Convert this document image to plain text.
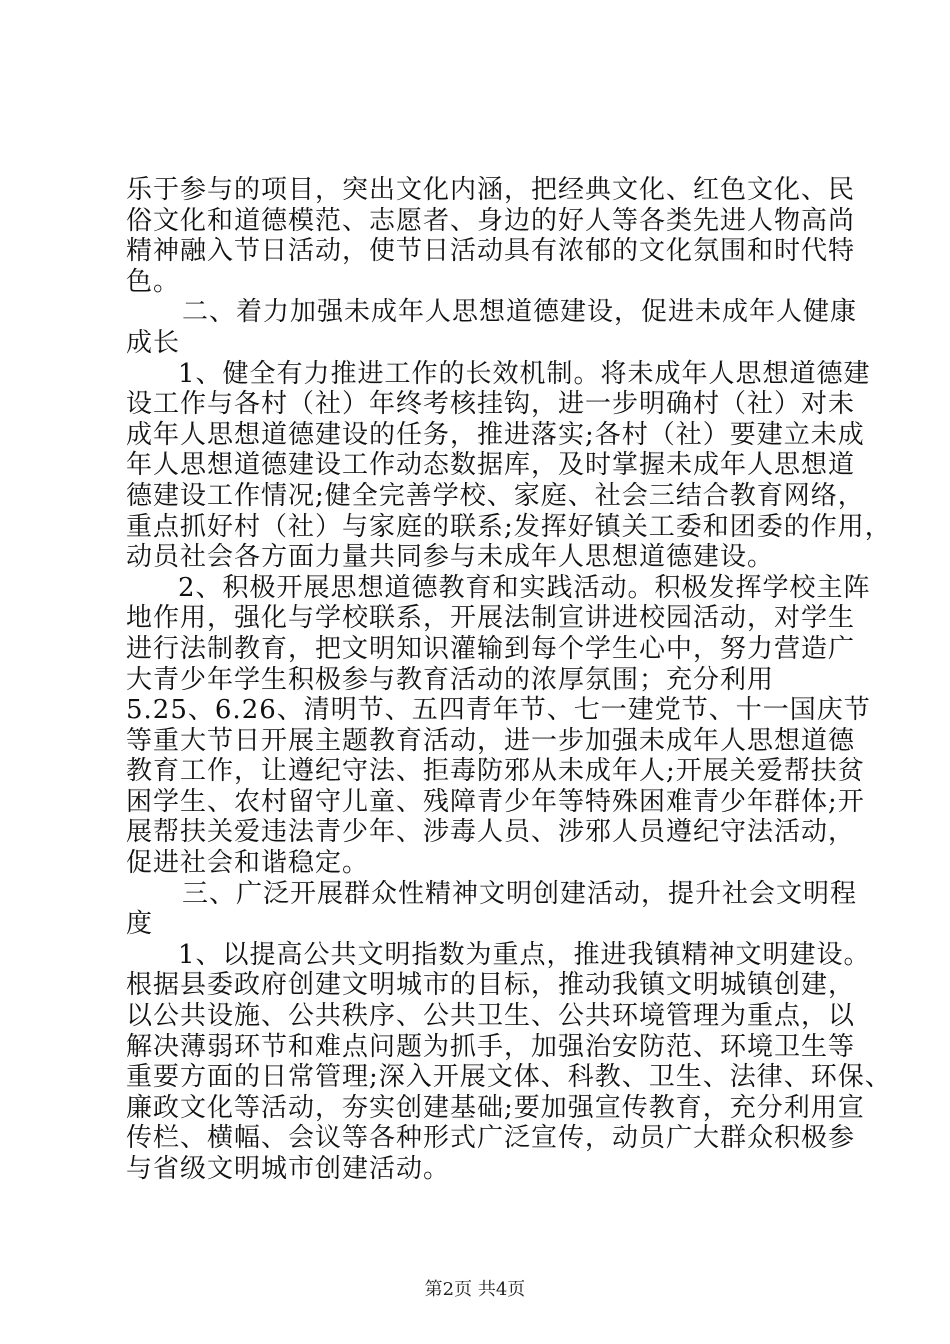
乐于参与的项目，突出文化内涵，把经典文化、红色文化、民
俗文化和道德模范、志愿者、身边的好人等各类先进人物高尚
精神融入节日活动，使节日活动具有浓郁的文化氛围和时代特
色。
二、着力加强未成年人思想道德建设，促进未成年人健康
成长
1、健全有力推进工作的长效机制。将未成年人思想道德建
设工作与各村（社）年终考核挂钩，进一步明确村（社）对未
成年人思想道德建设的任务，推进落实;各村（社）要建立未成
年人思想道德建设工作动态数据库，及时掌握未成年人思想道
德建设工作情况;健全完善学校、家庭、社会三结合教育网络，
重点抓好村（社）与家庭的联系;发挥好镇关工委和团委的作用，
动员社会各方面力量共同参与未成年人思想道德建设。
2、积极开展思想道德教育和实践活动。积极发挥学校主阵
地作用，强化与学校联系，开展法制宣讲进校园活动，对学生
进行法制教育，把文明知识灌输到每个学生心中，努力营造广
大青少年学生积极参与教育活动的浓厚氛围；充分利用
5.25、6.26、清明节、五四青年节、七一建党节、十一国庆节
等重大节日开展主题教育活动，进一步加强未成年人思想道德
教育工作，让遵纪守法、拒毒防邪从未成年人;开展关爱帮扶贫
困学生、农村留守儿童、残障青少年等特殊困难青少年群体;开
展帮扶关爱违法青少年、涉毒人员、涉邪人员遵纪守法活动，
促进社会和谐稳定。
三、广泛开展群众性精神文明创建活动，提升社会文明程
度
1、以提高公共文明指数为重点，推进我镇精神文明建设。
根据县委政府创建文明城市的目标，推动我镇文明城镇创建，
以公共设施、公共秩序、公共卫生、公共环境管理为重点，以
解决薄弱环节和难点问题为抓手，加强治安防范、环境卫生等
重要方面的日常管理;深入开展文体、科教、卫生、法律、环保、
廉政文化等活动，夯实创建基础;要加强宣传教育，充分利用宣
传栏、横幅、会议等各种形式广泛宣传，动员广大群众积极参
与省级文明城市创建活动。
第2页 共4页
